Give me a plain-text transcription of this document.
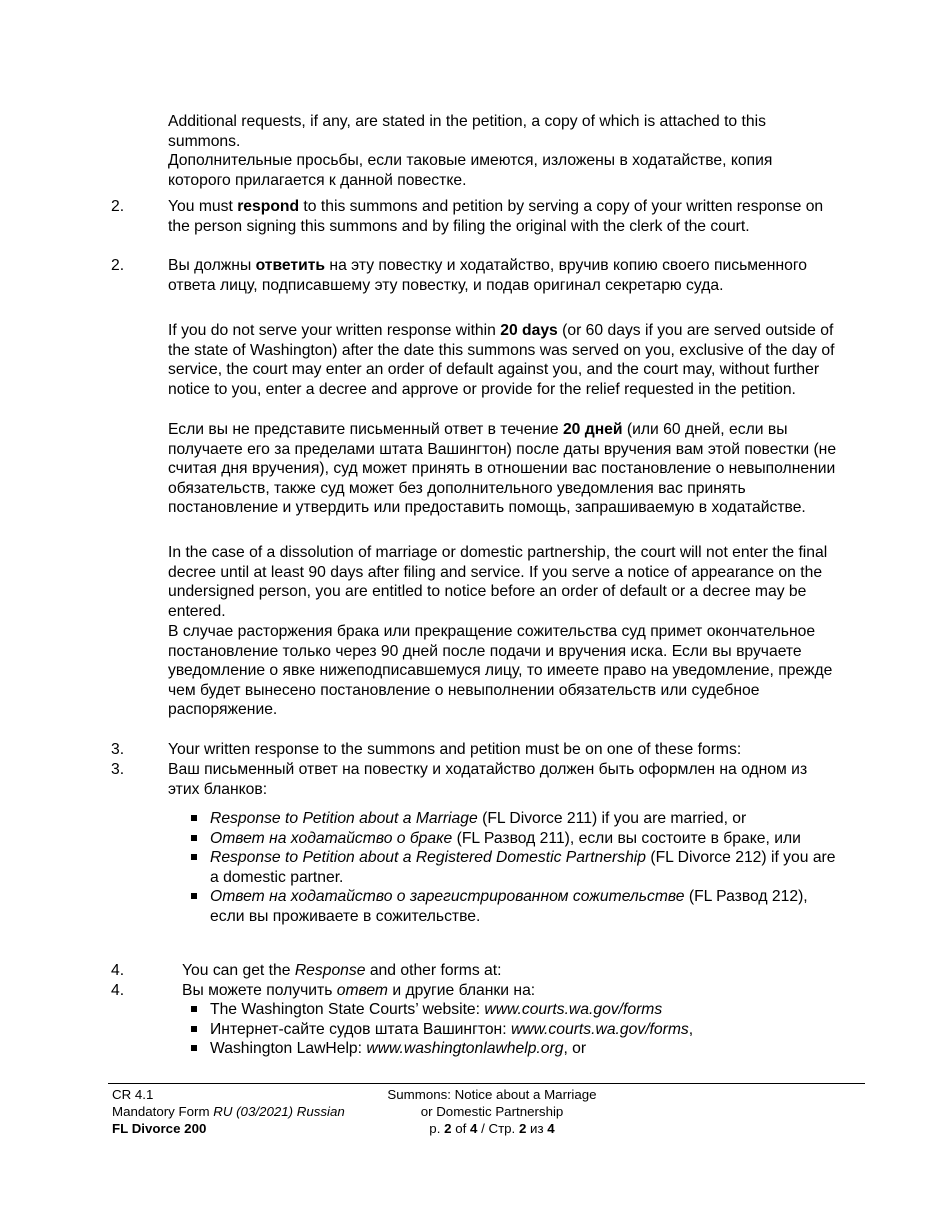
Additional requests, if any, are stated in the petition, a copy of which is attached to this summons.

Дополнительные просьбы, если таковые имеются, изложены в ходатайстве, копия которого прилагается к данной повестке.

2.	You must respond to this summons and petition by serving a copy of your written response on the person signing this summons and by filing the original with the clerk of the court.

2.	Вы должны ответить на эту повестку и ходатайство, вручив копию своего письменного ответа лицу, подписавшему эту повестку, и подав оригинал секретарю суда.

If you do not serve your written response within 20 days (or 60 days if you are served outside of the state of Washington) after the date this summons was served on you, exclusive of the day of service, the court may enter an order of default against you, and the court may, without further notice to you, enter a decree and approve or provide for the relief requested in the petition.

Если вы не представите письменный ответ в течение 20 дней (или 60 дней, если вы получаете его за пределами штата Вашингтон) после даты вручения вам этой повестки (не считая дня вручения), суд может принять в отношении вас постановление о невыполнении обязательств, также суд может без дополнительного уведомления вас принять постановление и утвердить или предоставить помощь, запрашиваемую в ходатайстве.

In the case of a dissolution of marriage or domestic partnership, the court will not enter the final decree until at least 90 days after filing and service. If you serve a notice of appearance on the undersigned person, you are entitled to notice before an order of default or a decree may be entered.

В случае расторжения брака или прекращение сожительства суд примет окончательное постановление только через 90 дней после подачи и вручения иска. Если вы вручаете уведомление о явке нижеподписавшемуся лицу, то имеете право на уведомление, прежде чем будет вынесено постановление о невыполнении обязательств или судебное распоряжение.

3.	Your written response to the summons and petition must be on one of these forms:

3.	Ваш письменный ответ на повестку и ходатайство должен быть оформлен на одном из этих бланков:

Response to Petition about a Marriage (FL Divorce 211) if you are married, or
Ответ на ходатайство о браке (FL Развод 211), если вы состоите в браке, или
Response to Petition about a Registered Domestic Partnership (FL Divorce 212) if you are a domestic partner.
Ответ на ходатайство о зарегистрированном сожительстве (FL Развод 212), если вы проживаете в сожительстве.
4.	You can get the Response and other forms at:

4.	Вы можете получить ответ и другие бланки на:

The Washington State Courts’ website: www.courts.wa.gov/forms
Интернет-сайте судов штата Вашингтон: www.courts.wa.gov/forms,
Washington LawHelp: www.washingtonlawhelp.org, or
CR 4.1
Mandatory Form RU (03/2021) Russian
FL Divorce 200
Summons: Notice about a Marriage
or Domestic Partnership
p. 2 of 4 / Стр. 2 из 4
